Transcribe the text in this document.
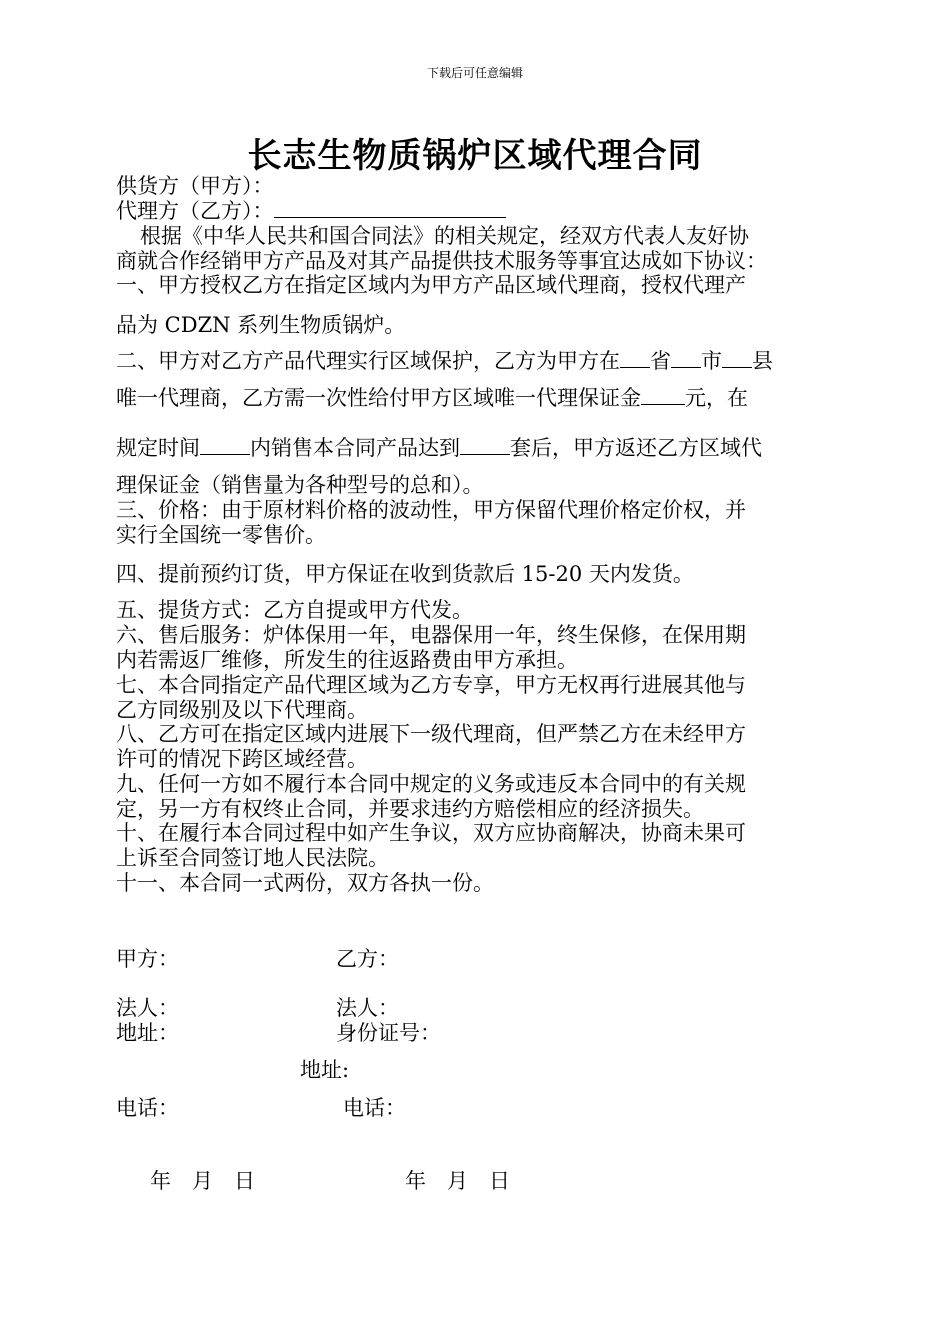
下载后可任意编辑
长志生物质锅炉区域代理合同
供货方（甲方）：
代理方（乙方）：
根据《中华人民共和国合同法》的相关规定，经双方代表人友好协
商就合作经销甲方产品及对其产品提供技术服务等事宜达成如下协议：
一、甲方授权乙方在指定区域内为甲方产品区域代理商，授权代理产
品为 CDZN 系列生物质锅炉。
二、甲方对乙方产品代理实行区域保护，乙方为甲方在 省 市 县
唯一代理商，乙方需一次性给付甲方区域唯一代理保证金 元，在
规定时间 内销售本合同产品达到 套后，甲方返还乙方区域代
理保证金（销售量为各种型号的总和）。
三、价格：由于原材料价格的波动性，甲方保留代理价格定价权，并
实行全国统一零售价。
四、提前预约订货，甲方保证在收到货款后 15-20 天内发货。
五、提货方式：乙方自提或甲方代发。
六、售后服务：炉体保用一年，电器保用一年，终生保修，在保用期
内若需返厂维修，所发生的往返路费由甲方承担。
七、本合同指定产品代理区域为乙方专享，甲方无权再行进展其他与
乙方同级别及以下代理商。
八、乙方可在指定区域内进展下一级代理商，但严禁乙方在未经甲方
许可的情况下跨区域经营。
九、任何一方如不履行本合同中规定的义务或违反本合同中的有关规
定，另一方有权终止合同，并要求违约方赔偿相应的经济损失。
十、在履行本合同过程中如产生争议，双方应协商解决，协商未果可
上诉至合同签订地人民法院。
十一、本合同一式两份，双方各执一份。
甲方：	乙方：
法人：	法人：
地址：	身份证号：
地址:
电话：	电话：
年　月　日	年　月　日
